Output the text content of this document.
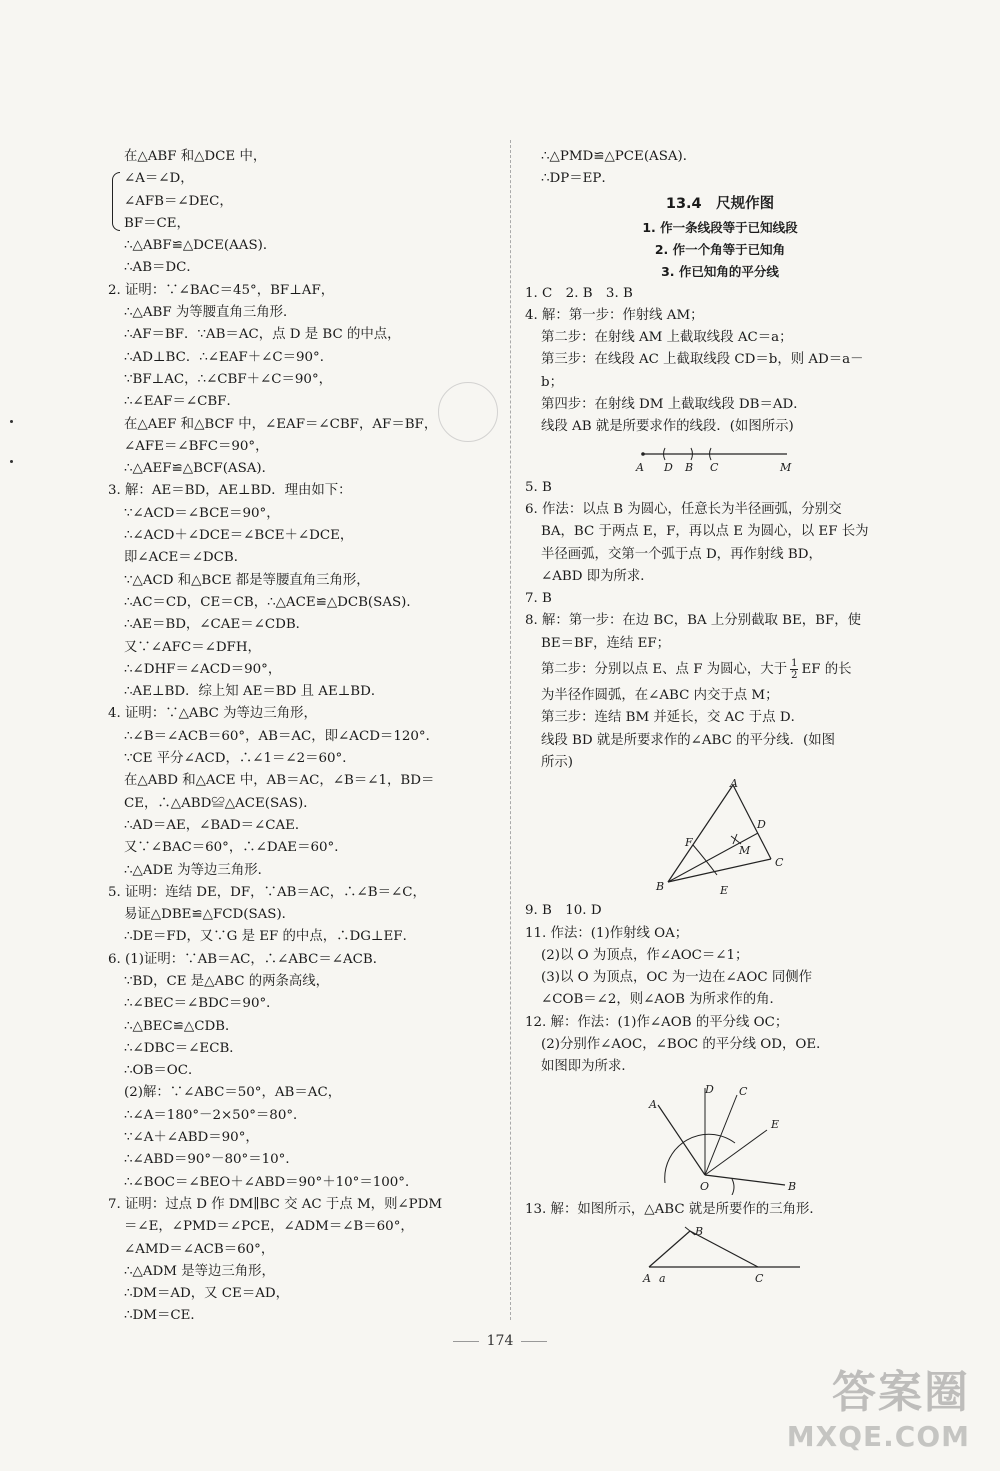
在△ABF 和△DCE 中，
∠A＝∠D，
∠AFB＝∠DEC，
BF＝CE，
∴△ABF≌△DCE(AAS)．
∴AB＝DC．
2. 证明：∵∠BAC＝45°，BF⊥AF，
∴△ABF 为等腰直角三角形．
∴AF＝BF．∵AB＝AC，点 D 是 BC 的中点，
∴AD⊥BC．∴∠EAF＋∠C＝90°．
∵BF⊥AC，∴∠CBF＋∠C＝90°，
∴∠EAF＝∠CBF．
在△AEF 和△BCF 中，∠EAF＝∠CBF，AF＝BF，
∠AFE＝∠BFC＝90°，
∴△AEF≌△BCF(ASA)．
3. 解：AE＝BD，AE⊥BD．理由如下：
∵∠ACD＝∠BCE＝90°，
∴∠ACD＋∠DCE＝∠BCE＋∠DCE，
即∠ACE＝∠DCB．
∵△ACD 和△BCE 都是等腰直角三角形，
∴AC＝CD，CE＝CB，∴△ACE≌△DCB(SAS)．
∴AE＝BD，∠CAE＝∠CDB．
又∵∠AFC＝∠DFH，
∴∠DHF＝∠ACD＝90°，
∴AE⊥BD．综上知 AE＝BD 且 AE⊥BD．
4. 证明：∵△ABC 为等边三角形，
∴∠B＝∠ACB＝60°，AB＝AC，即∠ACD＝120°．
∵CE 平分∠ACD，∴∠1＝∠2＝60°．
在△ABD 和△ACE 中，AB＝AC，∠B＝∠1，BD＝
CE，∴△ABD≌△ACE(SAS)．
∴AD＝AE，∠BAD＝∠CAE．
又∵∠BAC＝60°，∴∠DAE＝60°．
∴△ADE 为等边三角形．
5. 证明：连结 DE，DF，∵AB＝AC，∴∠B＝∠C，
易证△DBE≌△FCD(SAS)．
∴DE＝FD，又∵G 是 EF 的中点，∴DG⊥EF．
6. (1)证明：∵AB＝AC，∴∠ABC＝∠ACB．
∵BD，CE 是△ABC 的两条高线，
∴∠BEC＝∠BDC＝90°．
∴△BEC≌△CDB．
∴∠DBC＝∠ECB．
∴OB＝OC．
(2)解：∵∠ABC＝50°，AB＝AC，
∴∠A＝180°－2×50°＝80°．
∵∠A＋∠ABD＝90°，
∴∠ABD＝90°－80°＝10°．
∴∠BOC＝∠BEO＋∠ABD＝90°＋10°＝100°．
7. 证明：过点 D 作 DM∥BC 交 AC 于点 M，则∠PDM
＝∠E，∠PMD＝∠PCE，∠ADM＝∠B＝60°，
∠AMD＝∠ACB＝60°，
∴△ADM 是等边三角形，
∴DM＝AD，又 CE＝AD，
∴DM＝CE．
∴△PMD≌△PCE(ASA)．
∴DP＝EP．
13.4　 尺规作图
1. 作一条线段等于已知线段
2. 作一个角等于已知角
3. 作已知角的平分线
1. C　2. B　3. B
4. 解：第一步：作射线 AM；
第二步：在射线 AM 上截取线段 AC＝a；
第三步：在线段 AC 上截取线段 CD＝b，则 AD＝a－
b；
第四步：在射线 DM 上截取线段 DB＝AD．
线段 AB 就是所要求作的线段．(如图所示)
A D B C	M
5. B
6. 作法：以点 B 为圆心，任意长为半径画弧，分别交
BA，BC 于两点 E，F，再以点 E 为圆心，以 EF 长为
半径画弧，交第一个弧于点 D，再作射线 BD，
∠ABD 即为所求．
7. B
8. 解：第一步：在边 BC，BA 上分别截取 BE，BF，使
BE＝BF，连结 EF；
第二步：分别以点 E、点 F 为圆心，大于 $\frac{1}{2}$ EF 的长
为半径作圆弧，在∠ABC 内交于点 M；
第三步：连结 BM 并延长，交 AC 于点 D．
线段 BD 就是所要求作的∠ABC 的平分线．(如图
所示)
A
D
F
M
C
B	E
9. B　10. D
11. 作法：(1)作射线 OA；
(2)以 O 为顶点，作∠AOC＝∠1；
(3)以 O 为顶点，OC 为一边在∠AOC 同侧作
∠COB＝∠2，则∠AOB 为所求作的角．
12. 解：作法：(1)作∠AOB 的平分线 OC；
(2)分别作∠AOC，∠BOC 的平分线 OD，OE．
如图即为所求．
D C
A
E
O	B
13. 解：如图所示，△ABC 就是所要作的三角形．
B
A a	C
174
答案圈
MXQE.COM
